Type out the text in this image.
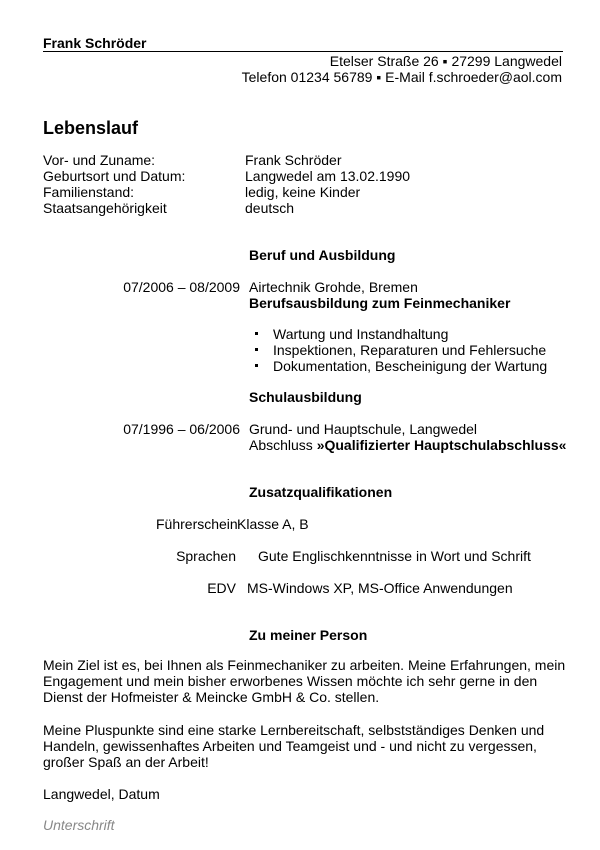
Frank Schröder
Etelser Straße 26 ▪ 27299 Langwedel
Telefon 01234 56789 ▪ E-Mail f.schroeder@aol.com
Lebenslauf
Vor- und Zuname:	Frank Schröder
Geburtsort und Datum:	Langwedel am 13.02.1990
Familienstand:	ledig, keine Kinder
Staatsangehörigkeit	deutsch
Beruf und Ausbildung
07/2006 – 08/2009 Airtechnik Grohde, Bremen
Berufsausbildung zum Feinmechaniker
Wartung und Instandhaltung
Inspektionen, Reparaturen und Fehlersuche
Dokumentation, Bescheinigung der Wartung
Schulausbildung
07/1996 – 06/2006 Grund- und Hauptschule, Langwedel
Abschluss »Qualifizierter Hauptschulabschluss«
Zusatzqualifikationen
Führerschein Klasse A, B
Sprachen Gute Englischkenntnisse in Wort und Schrift
EDV MS-Windows XP, MS-Office Anwendungen
Zu meiner Person
Mein Ziel ist es, bei Ihnen als Feinmechaniker zu arbeiten. Meine Erfahrungen, mein Engagement und mein bisher erworbenes Wissen möchte ich sehr gerne in den Dienst der Hofmeister & Meincke GmbH & Co. stellen.
Meine Pluspunkte sind eine starke Lernbereitschaft, selbstständiges Denken und Handeln, gewissenhaftes Arbeiten und Teamgeist und - und nicht zu vergessen, großer Spaß an der Arbeit!
Langwedel, Datum
Unterschrift
